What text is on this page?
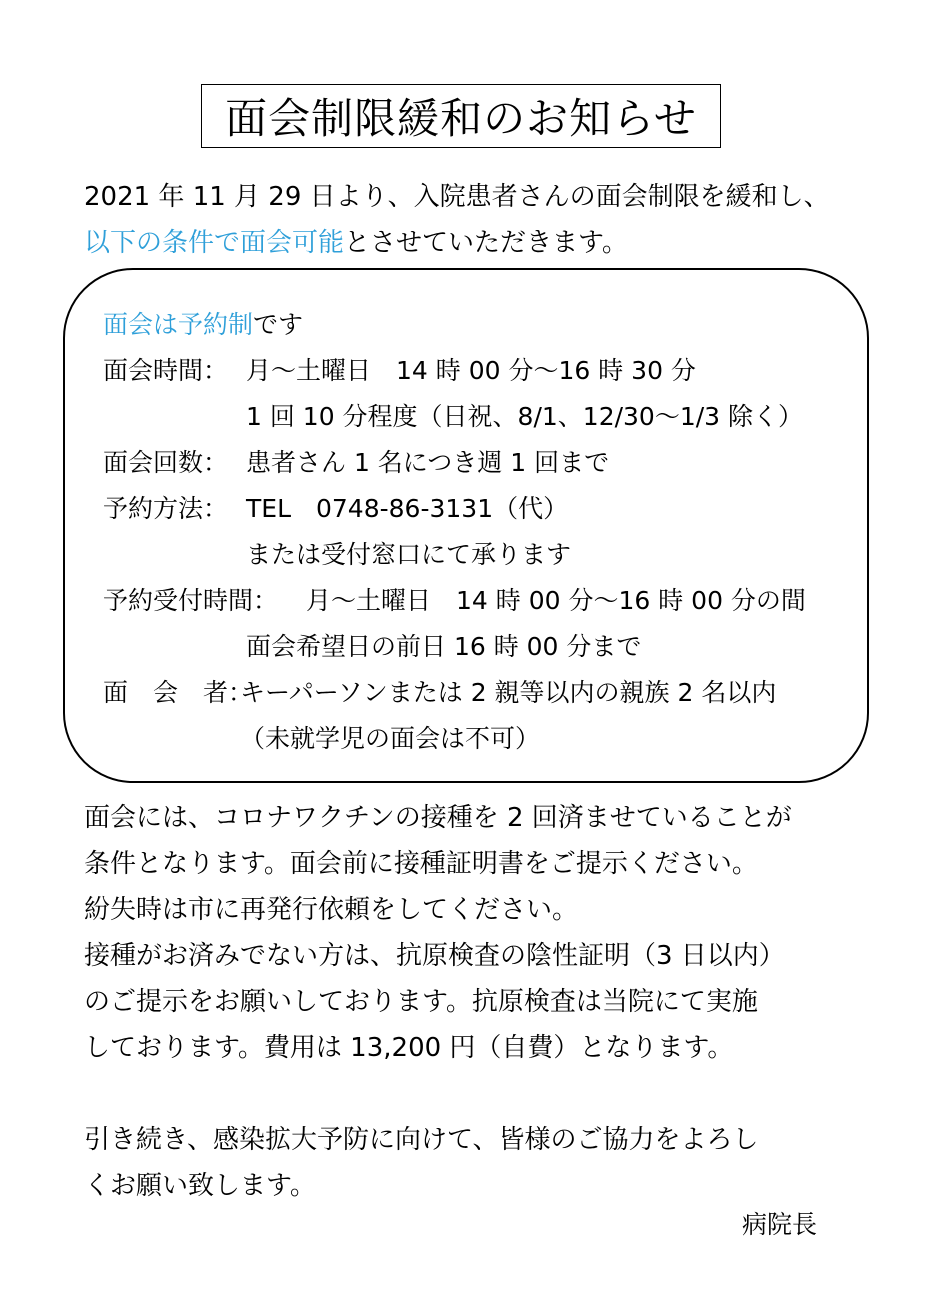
面会制限緩和のお知らせ
2021 年 11 月 29 日より、入院患者さんの面会制限を緩和し、
以下の条件で面会可能とさせていただきます。
面会は予約制です
面会時間： 月～土曜日　14 時 00 分～16 時 30 分
1 回 10 分程度（日祝、8/1、12/30～1/3 除く）
面会回数： 患者さん 1 名につき週 1 回まで
予約方法： TEL　0748-86-3131（代）
または受付窓口にて承ります
予約受付時間： 月～土曜日　14 時 00 分～16 時 00 分の間
面会希望日の前日 16 時 00 分まで
面　会　者：
キーパーソンまたは 2 親等以内の親族 2 名以内
（未就学児の面会は不可）
面会には、コロナワクチンの接種を 2 回済ませていることが
条件となります。面会前に接種証明書をご提示ください。
紛失時は市に再発行依頼をしてください。
接種がお済みでない方は、抗原検査の陰性証明（3 日以内）
のご提示をお願いしております。抗原検査は当院にて実施
しております。費用は 13,200 円（自費）となります。
引き続き、感染拡大予防に向けて、皆様のご協力をよろし
くお願い致します。
病院長
